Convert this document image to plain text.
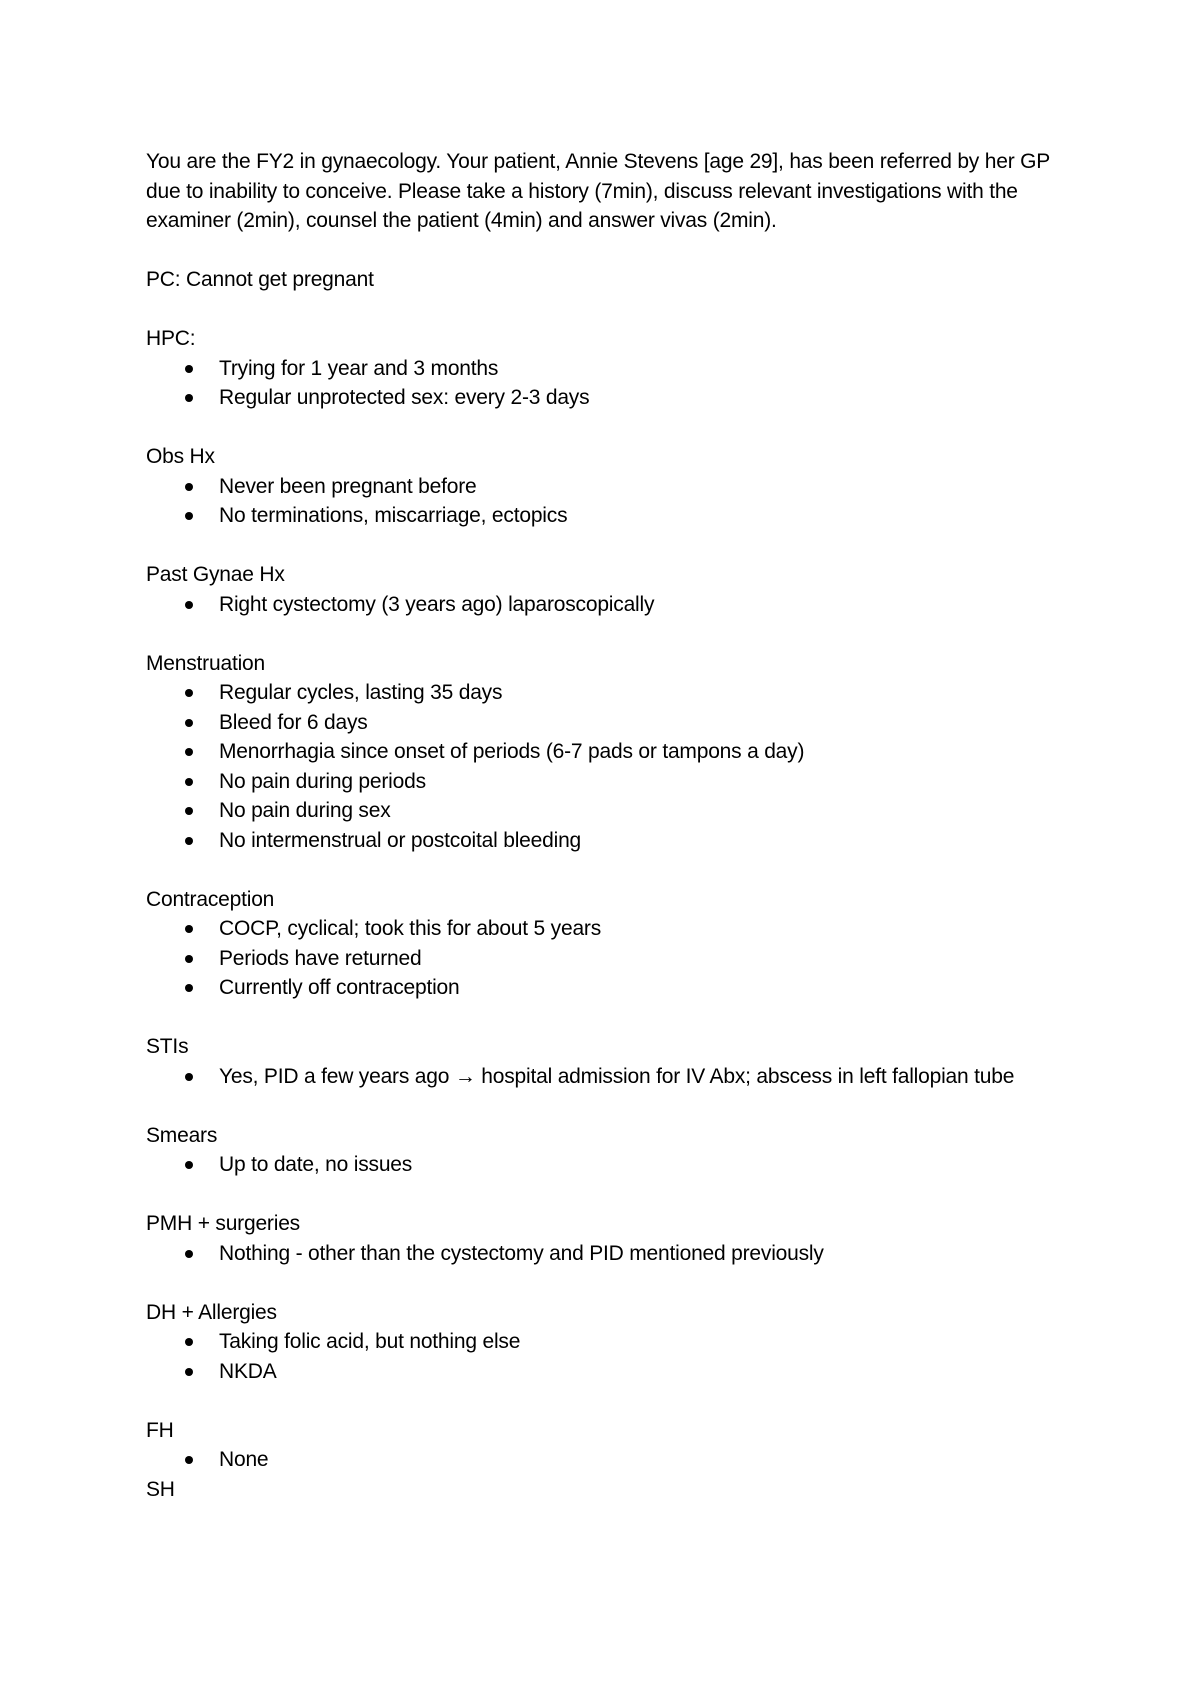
You are the FY2 in gynaecology. Your patient, Annie Stevens [age 29], has been referred by her GP due to inability to conceive. Please take a history (7min), discuss relevant investigations with the examiner (2min), counsel the patient (4min) and answer vivas (2min).

PC: Cannot get pregnant

HPC:

Trying for 1 year and 3 months
Regular unprotected sex: every 2-3 days

Obs Hx

Never been pregnant before
No terminations, miscarriage, ectopics

Past Gynae Hx

Right cystectomy (3 years ago) laparoscopically

Menstruation

Regular cycles, lasting 35 days
Bleed for 6 days
Menorrhagia since onset of periods (6-7 pads or tampons a day)
No pain during periods
No pain during sex
No intermenstrual or postcoital bleeding

Contraception

COCP, cyclical; took this for about 5 years
Periods have returned
Currently off contraception

STIs

Yes, PID a few years ago → hospital admission for IV Abx; abscess in left fallopian tube

Smears

Up to date, no issues

PMH + surgeries

Nothing - other than the cystectomy and PID mentioned previously

DH + Allergies

Taking folic acid, but nothing else
NKDA

FH

None

SH
